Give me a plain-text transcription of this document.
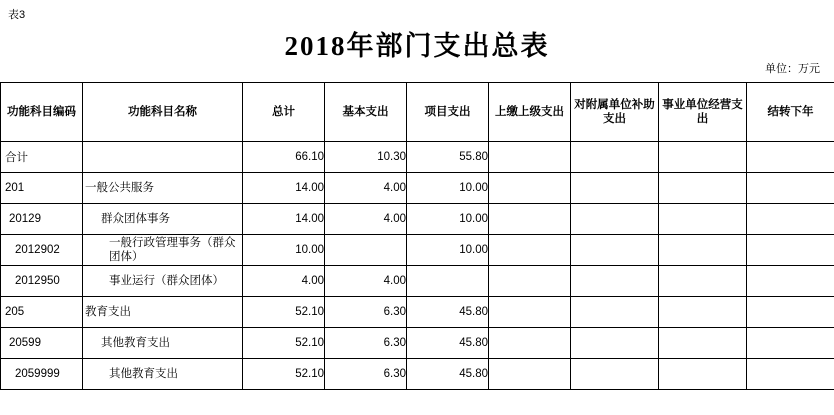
表3
2018年部门支出总表
单位：万元
功能科目编码	功能科目名称	总计	基本支出	项目支出	上缴上级支出	对附属单位补助支出	事业单位经营支出	结转下年
合计		66.10	10.30	55.80				
201	一般公共服务	14.00	4.00	10.00				
20129	群众团体事务	14.00	4.00	10.00				
2012902	一般行政管理事务（群众团体）	10.00		10.00				
2012950	事业运行（群众团体）	4.00	4.00					
205	教育支出	52.10	6.30	45.80				
20599	其他教育支出	52.10	6.30	45.80				
2059999	其他教育支出	52.10	6.30	45.80				
